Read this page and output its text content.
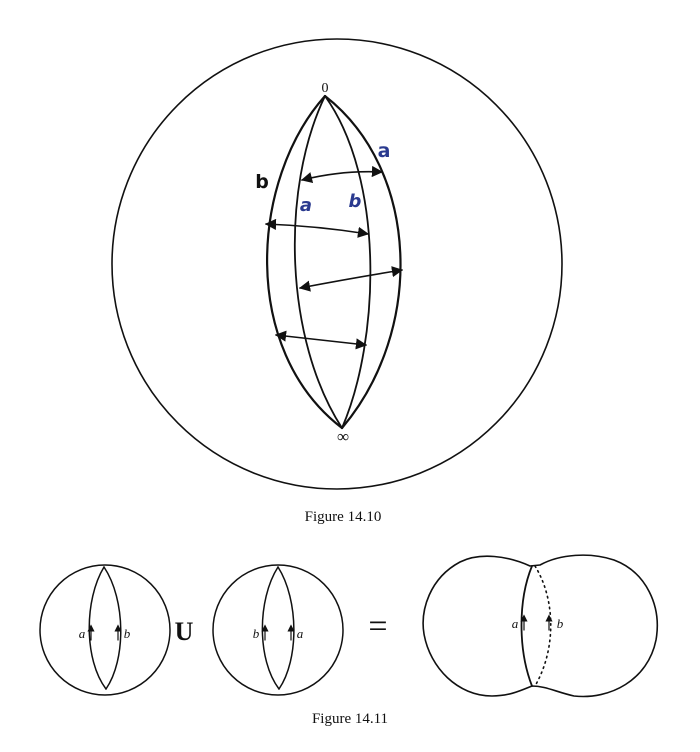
0
∞
b
a
a b
Figure 14.10
a	b U	b	a =	a	b
Figure 14.11
